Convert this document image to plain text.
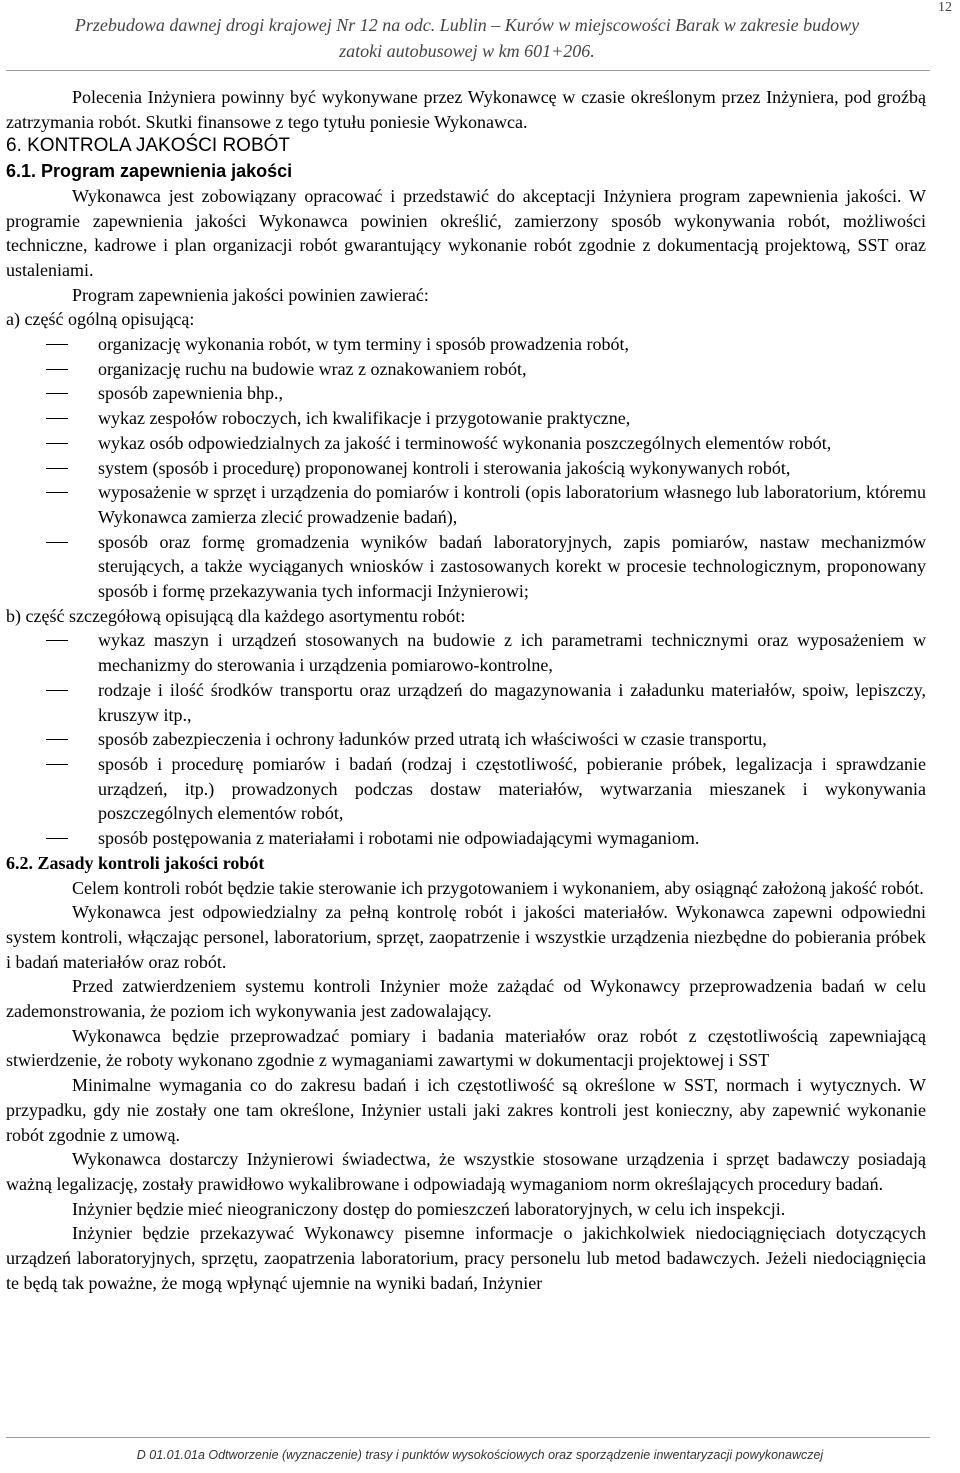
12
Przebudowa dawnej drogi krajowej Nr 12 na odc. Lublin – Kurów w miejscowości Barak w zakresie budowy
zatoki autobusowej w km 601+206.

Polecenia Inżyniera powinny być wykonywane przez Wykonawcę w czasie określonym przez Inżyniera, pod groźbą zatrzymania robót. Skutki finansowe z tego tytułu poniesie Wykonawca.

6. KONTROLA JAKOŚCI ROBÓT

6.1. Program zapewnienia jakości

Wykonawca jest zobowiązany opracować i przedstawić do akceptacji Inżyniera program zapewnienia jakości. W programie zapewnienia jakości Wykonawca powinien określić, zamierzony sposób wykonywania robót, możliwości techniczne, kadrowe i plan organizacji robót gwarantujący wykonanie robót zgodnie z dokumentacją projektową, SST oraz ustaleniami.

Program zapewnienia jakości powinien zawierać:

a) część ogólną opisującą:

organizację wykonania robót, w tym terminy i sposób prowadzenia robót,
organizację ruchu na budowie wraz z oznakowaniem robót,
sposób zapewnienia bhp.,
wykaz zespołów roboczych, ich kwalifikacje i przygotowanie praktyczne,
wykaz osób odpowiedzialnych za jakość i terminowość wykonania poszczególnych elementów robót,
system (sposób i procedurę) proponowanej kontroli i sterowania jakością wykonywanych robót,
wyposażenie w sprzęt i urządzenia do pomiarów i kontroli (opis laboratorium własnego lub laboratorium, któremu Wykonawca zamierza zlecić prowadzenie badań),
sposób oraz formę gromadzenia wyników badań laboratoryjnych, zapis pomiarów, nastaw mechanizmów sterujących, a także wyciąganych wniosków i zastosowanych korekt w procesie technologicznym, proponowany sposób i formę przekazywania tych informacji Inżynierowi;

b) część szczegółową opisującą dla każdego asortymentu robót:

wykaz maszyn i urządzeń stosowanych na budowie z ich parametrami technicznymi oraz wyposażeniem w mechanizmy do sterowania i urządzenia pomiarowo-kontrolne,
rodzaje i ilość środków transportu oraz urządzeń do magazynowania i załadunku materiałów, spoiw, lepiszczy, kruszyw itp.,
sposób zabezpieczenia i ochrony ładunków przed utratą ich właściwości w czasie transportu,
sposób i procedurę pomiarów i badań (rodzaj i częstotliwość, pobieranie próbek, legalizacja i sprawdzanie urządzeń, itp.) prowadzonych podczas dostaw materiałów, wytwarzania mieszanek i wykonywania poszczególnych elementów robót,
sposób postępowania z materiałami i robotami nie odpowiadającymi wymaganiom.

6.2. Zasady kontroli jakości robót

Celem kontroli robót będzie takie sterowanie ich przygotowaniem i wykonaniem, aby osiągnąć założoną jakość robót.

Wykonawca jest odpowiedzialny za pełną kontrolę robót i jakości materiałów. Wykonawca zapewni odpowiedni system kontroli, włączając personel, laboratorium, sprzęt, zaopatrzenie i wszystkie urządzenia niezbędne do pobierania próbek i badań materiałów oraz robót.

Przed zatwierdzeniem systemu kontroli Inżynier może zażądać od Wykonawcy przeprowadzenia badań w celu zademonstrowania, że poziom ich wykonywania jest zadowalający.

Wykonawca będzie przeprowadzać pomiary i badania materiałów oraz robót z częstotliwością zapewniającą stwierdzenie, że roboty wykonano zgodnie z wymaganiami zawartymi w dokumentacji projektowej i SST

Minimalne wymagania co do zakresu badań i ich częstotliwość są określone w SST, normach i wytycznych. W przypadku, gdy nie zostały one tam określone, Inżynier ustali jaki zakres kontroli jest konieczny, aby zapewnić wykonanie robót zgodnie z umową.

Wykonawca dostarczy Inżynierowi świadectwa, że wszystkie stosowane urządzenia i sprzęt badawczy posiadają ważną legalizację, zostały prawidłowo wykalibrowane i odpowiadają wymaganiom norm określających procedury badań.

Inżynier będzie mieć nieograniczony dostęp do pomieszczeń laboratoryjnych, w celu ich inspekcji.

Inżynier będzie przekazywać Wykonawcy pisemne informacje o jakichkolwiek niedociągnięciach dotyczących urządzeń laboratoryjnych, sprzętu, zaopatrzenia laboratorium, pracy personelu lub metod badawczych. Jeżeli niedociągnięcia te będą tak poważne, że mogą wpłynąć ujemnie na wyniki badań, Inżynier

D 01.01.01a Odtworzenie (wyznaczenie) trasy i punktów wysokościowych oraz sporządzenie inwentaryzacji powykonawczej
